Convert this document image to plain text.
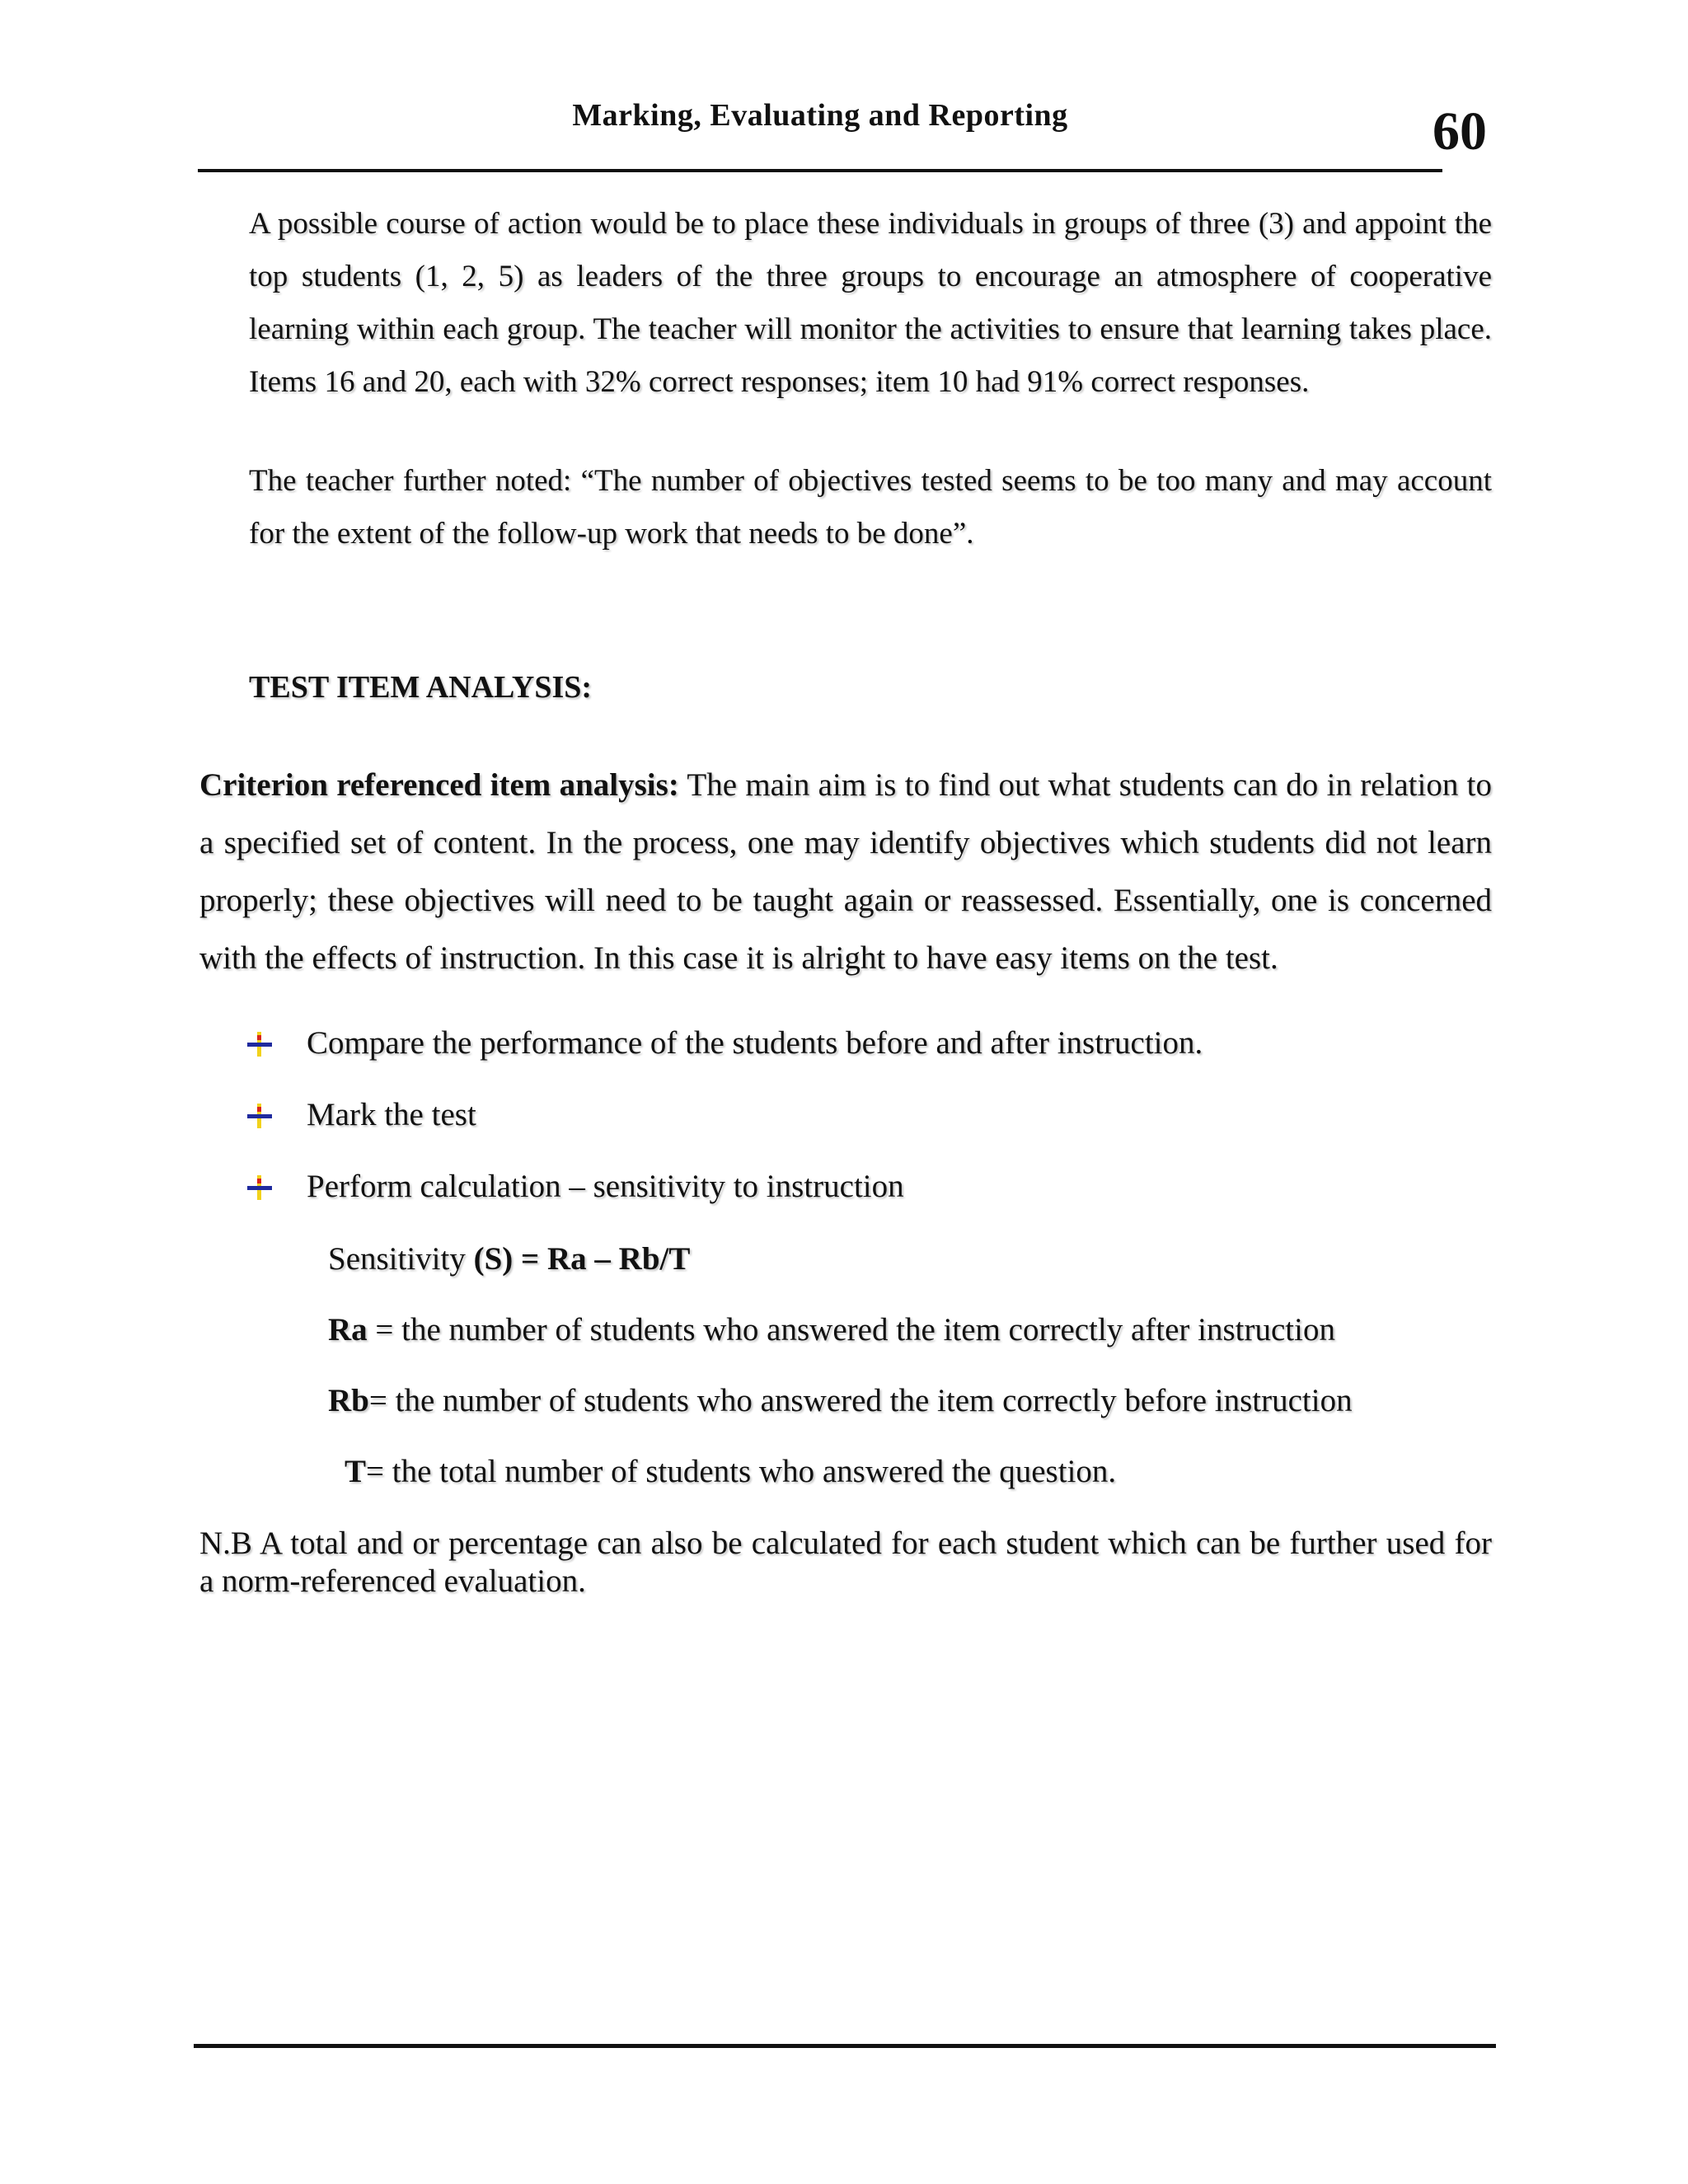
Marking, Evaluating and Reporting	60

A possible course of action would be to place these individuals in groups of three (3) and appoint the top students (1, 2, 5) as leaders of the three groups to encourage an atmosphere of cooperative learning within each group. The teacher will monitor the activities to ensure that learning takes place. Items 16 and 20, each with 32% correct responses; item 10 had 91% correct responses.

The teacher further noted: “The number of objectives tested seems to be too many and may account for the extent of the follow-up work that needs to be done”.

TEST ITEM ANALYSIS:

Criterion referenced item analysis: The main aim is to find out what students can do in relation to a specified set of content. In the process, one may identify objectives which students did not learn properly; these objectives will need to be taught again or reassessed. Essentially, one is concerned with the effects of instruction. In this case it is alright to have easy items on the test.

Compare the performance of the students before and after instruction.
Mark the test
Perform calculation – sensitivity to instruction

Sensitivity (S) = Ra – Rb/T

Ra = the number of students who answered the item correctly after instruction

Rb= the number of students who answered the item correctly before instruction

T= the total number of students who answered the question.

N.B A total and or percentage can also be calculated for each student which can be further used for a norm-referenced evaluation.
